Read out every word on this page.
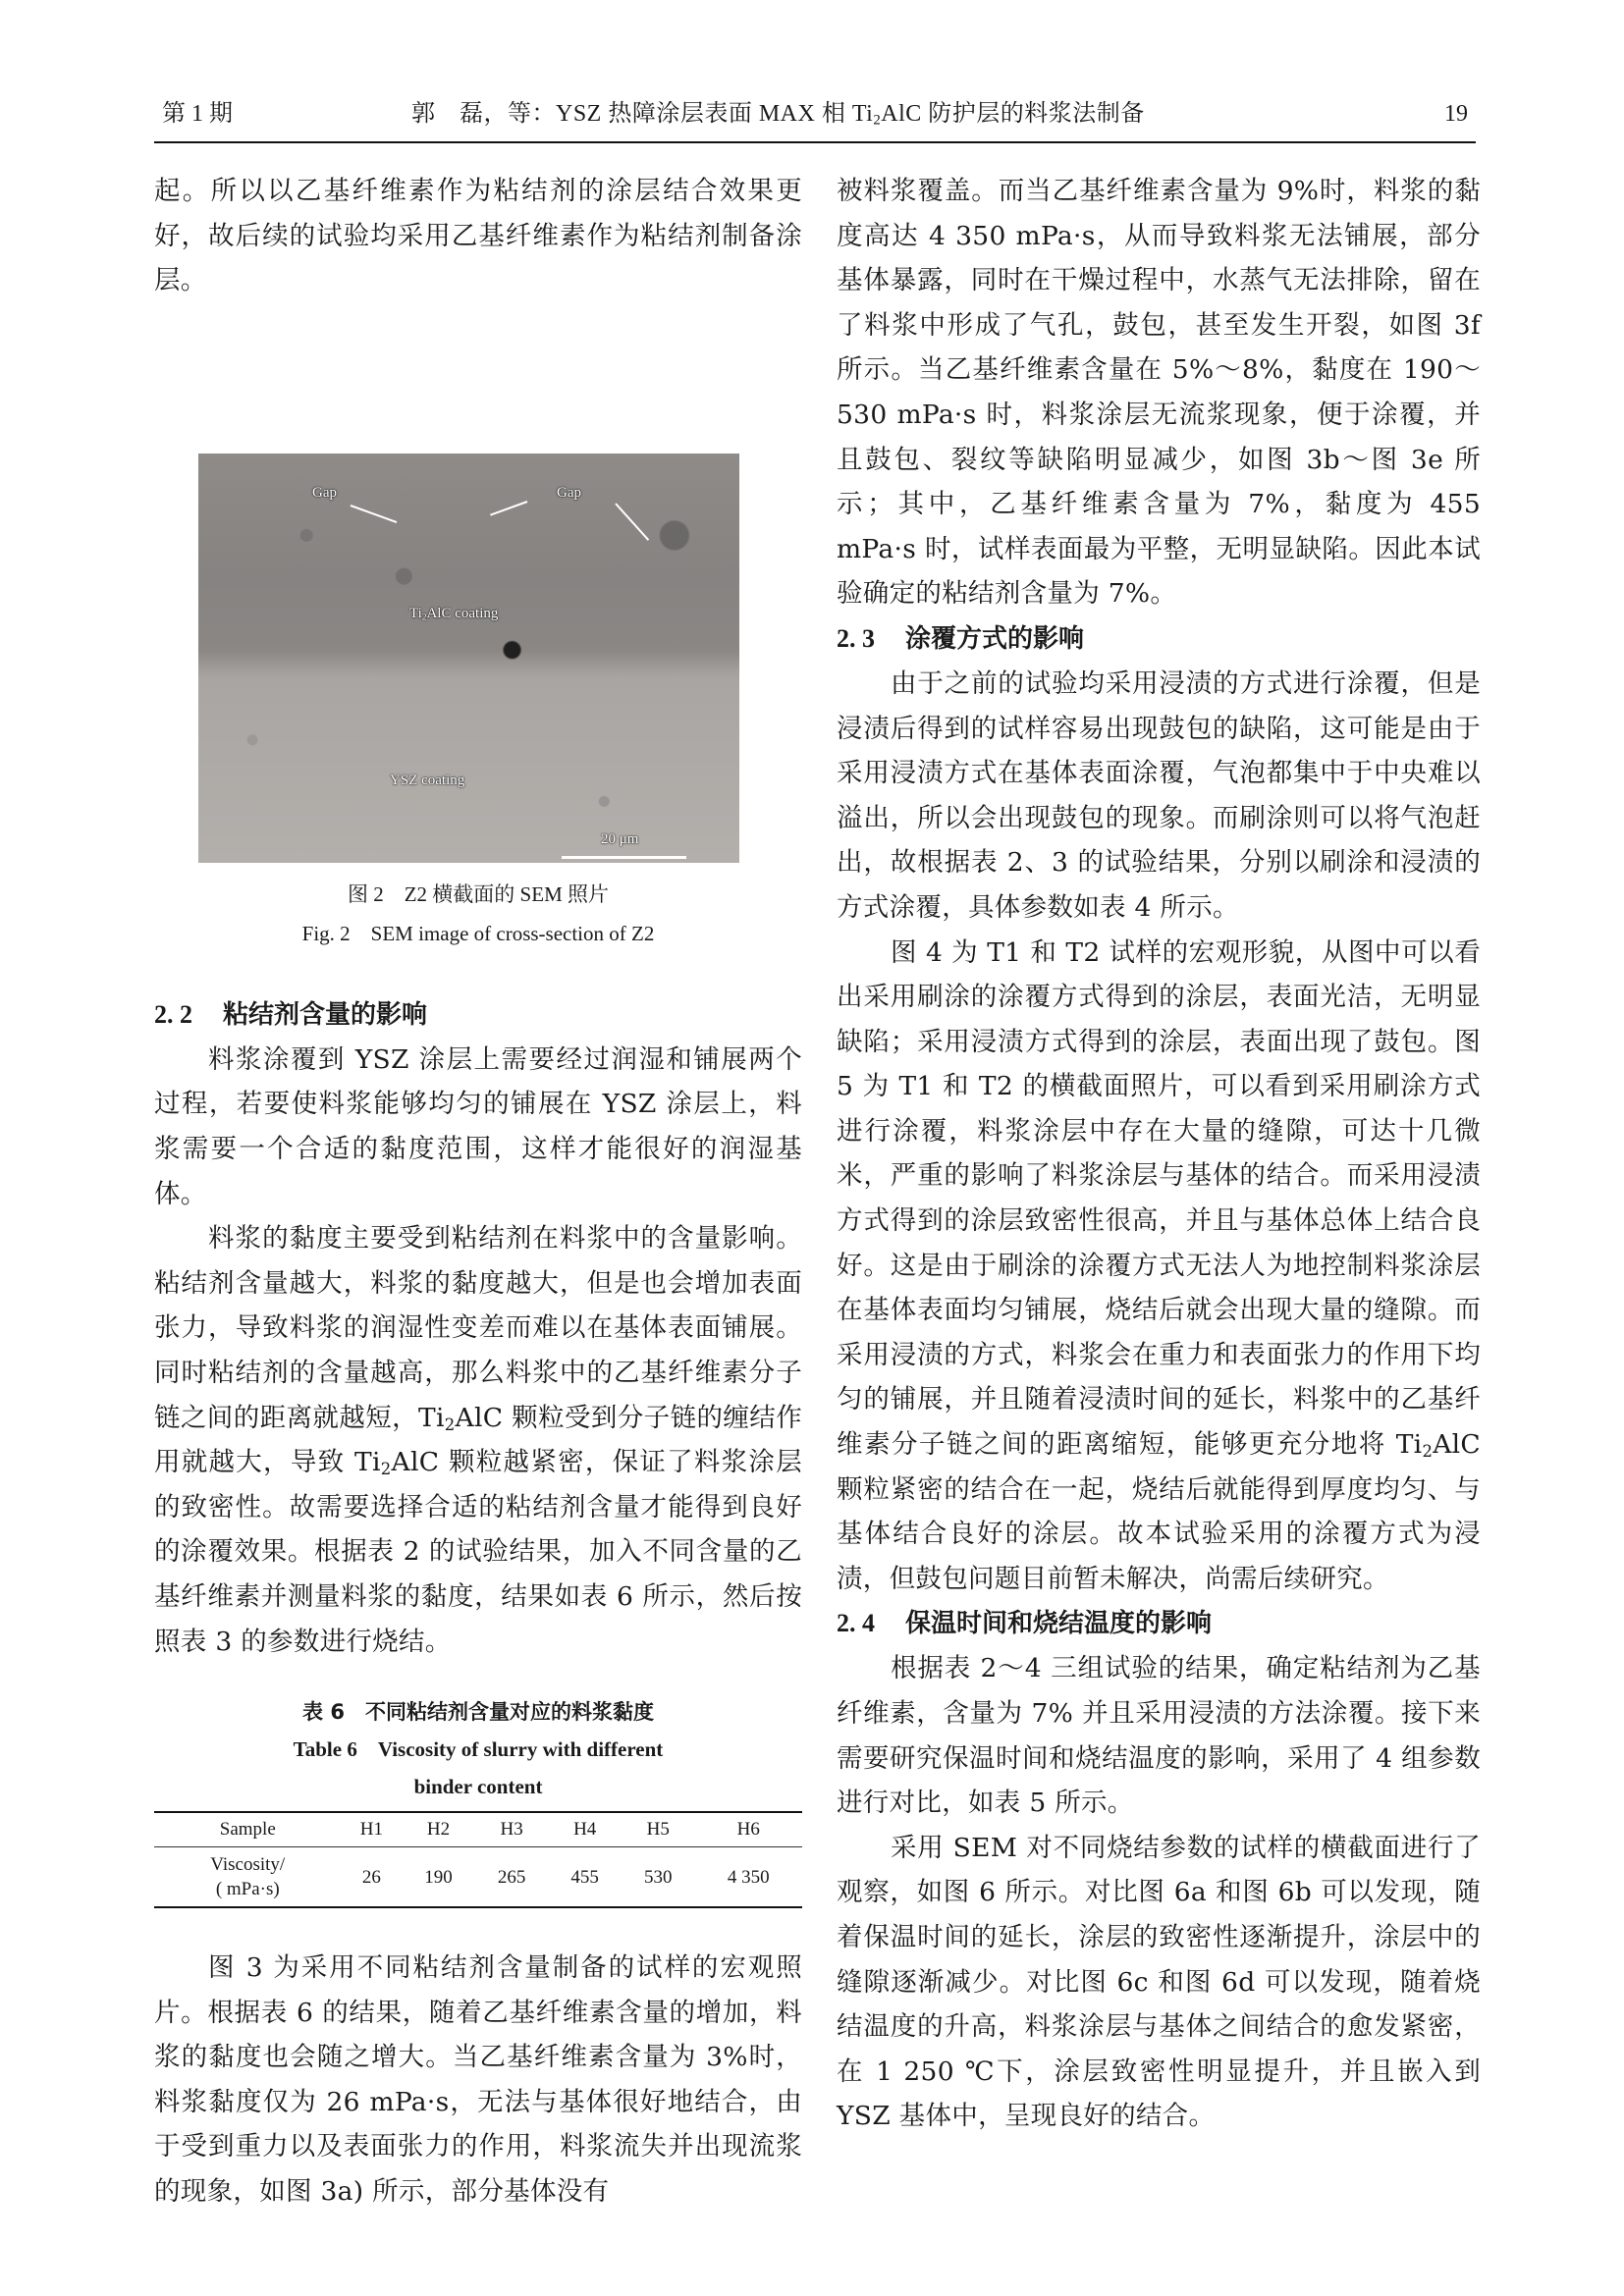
第 1 期	郭　磊，等：YSZ 热障涂层表面 MAX 相 $Ti_2AlC$ 防护层的料浆法制备	19

起。所以以乙基纤维素作为粘结剂的涂层结合效果更好，故后续的试验均采用乙基纤维素作为粘结剂制备涂层。

Gap	Gap
$Ti_2AlC$ coating
YSZ coating
20 μm
图 2　Z2 横截面的 SEM 照片
Fig. 2　SEM image of cross-section of Z2
2. 2 粘结剂含量的影响

料浆涂覆到 YSZ 涂层上需要经过润湿和铺展两个过程，若要使料浆能够均匀的铺展在 YSZ 涂层上，料浆需要一个合适的黏度范围，这样才能很好的润湿基体。

料浆的黏度主要受到粘结剂在料浆中的含量影响。粘结剂含量越大，料浆的黏度越大，但是也会增加表面张力，导致料浆的润湿性变差而难以在基体表面铺展。同时粘结剂的含量越高，那么料浆中的乙基纤维素分子链之间的距离就越短，$Ti_2AlC$ 颗粒受到分子链的缠结作用就越大，导致 $Ti_2AlC$ 颗粒越紧密，保证了料浆涂层的致密性。故需要选择合适的粘结剂含量才能得到良好的涂覆效果。根据表 2 的试验结果，加入不同含量的乙基纤维素并测量料浆的黏度，结果如表 6 所示，然后按照表 3 的参数进行烧结。

表 6　不同粘结剂含量对应的料浆黏度
Table 6　Viscosity of slurry with different
binder content
Sample	H1	H2	H3	H4	H5	H6
Viscosity/
( mPa·s)	26	190	265	455	530	4 350

图 3 为采用不同粘结剂含量制备的试样的宏观照片。根据表 6 的结果，随着乙基纤维素含量的增加，料浆的黏度也会随之增大。当乙基纤维素含量为 3%时，料浆黏度仅为 26 mPa·s，无法与基体很好地结合，由于受到重力以及表面张力的作用，料浆流失并出现流浆的现象，如图 3a) 所示，部分基体没有

被料浆覆盖。而当乙基纤维素含量为 9%时，料浆的黏度高达 4 350 mPa·s，从而导致料浆无法铺展，部分基体暴露，同时在干燥过程中，水蒸气无法排除，留在了料浆中形成了气孔，鼓包，甚至发生开裂，如图 3f 所示。当乙基纤维素含量在 5%～8%，黏度在 190～530 mPa·s 时，料浆涂层无流浆现象，便于涂覆，并且鼓包、裂纹等缺陷明显减少，如图 3b～图 3e 所示；其中，乙基纤维素含量为 7%，黏度为 455 mPa·s 时，试样表面最为平整，无明显缺陷。因此本试验确定的粘结剂含量为 7%。

2. 3 涂覆方式的影响

由于之前的试验均采用浸渍的方式进行涂覆，但是浸渍后得到的试样容易出现鼓包的缺陷，这可能是由于采用浸渍方式在基体表面涂覆，气泡都集中于中央难以溢出，所以会出现鼓包的现象。而刷涂则可以将气泡赶出，故根据表 2、3 的试验结果，分别以刷涂和浸渍的方式涂覆，具体参数如表 4 所示。

图 4 为 T1 和 T2 试样的宏观形貌，从图中可以看出采用刷涂的涂覆方式得到的涂层，表面光洁，无明显缺陷；采用浸渍方式得到的涂层，表面出现了鼓包。图 5 为 T1 和 T2 的横截面照片，可以看到采用刷涂方式进行涂覆，料浆涂层中存在大量的缝隙，可达十几微米，严重的影响了料浆涂层与基体的结合。而采用浸渍方式得到的涂层致密性很高，并且与基体总体上结合良好。这是由于刷涂的涂覆方式无法人为地控制料浆涂层在基体表面均匀铺展，烧结后就会出现大量的缝隙。而采用浸渍的方式，料浆会在重力和表面张力的作用下均匀的铺展，并且随着浸渍时间的延长，料浆中的乙基纤维素分子链之间的距离缩短，能够更充分地将 $Ti_2AlC$ 颗粒紧密的结合在一起，烧结后就能得到厚度均匀、与基体结合良好的涂层。故本试验采用的涂覆方式为浸渍，但鼓包问题目前暂未解决，尚需后续研究。

2. 4 保温时间和烧结温度的影响

根据表 2～4 三组试验的结果，确定粘结剂为乙基纤维素，含量为 7% 并且采用浸渍的方法涂覆。接下来需要研究保温时间和烧结温度的影响，采用了 4 组参数进行对比，如表 5 所示。

采用 SEM 对不同烧结参数的试样的横截面进行了观察，如图 6 所示。对比图 6a 和图 6b 可以发现，随着保温时间的延长，涂层的致密性逐渐提升，涂层中的缝隙逐渐减少。对比图 6c 和图 6d 可以发现，随着烧结温度的升高，料浆涂层与基体之间结合的愈发紧密，在 1 250 ℃下，涂层致密性明显提升，并且嵌入到 YSZ 基体中，呈现良好的结合。
